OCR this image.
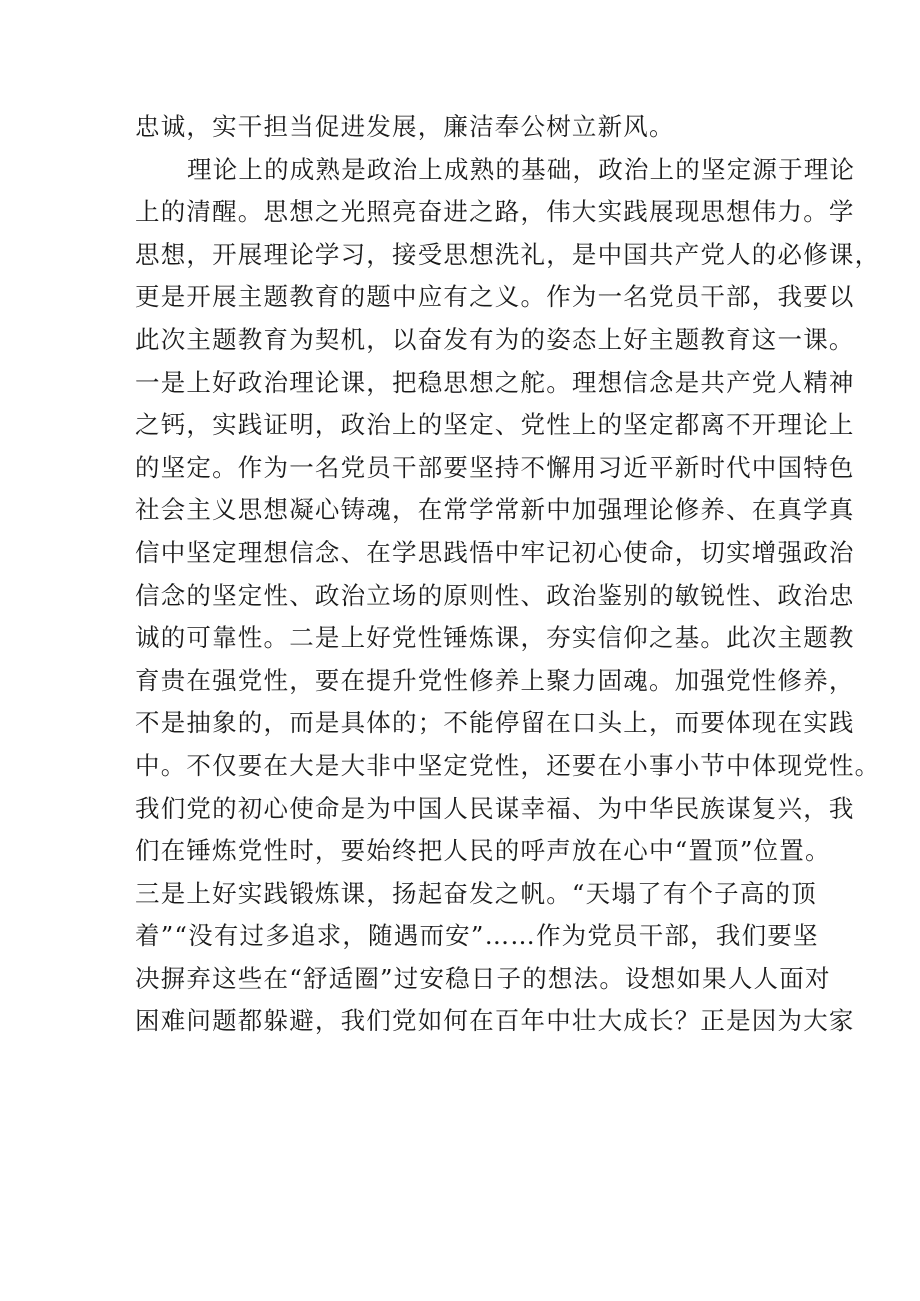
忠诚，实干担当促进发展，廉洁奉公树立新风。
理论上的成熟是政治上成熟的基础，政治上的坚定源于理论
上的清醒。思想之光照亮奋进之路，伟大实践展现思想伟力。学
思想，开展理论学习，接受思想洗礼，是中国共产党人的必修课，
更是开展主题教育的题中应有之义。作为一名党员干部，我要以
此次主题教育为契机，以奋发有为的姿态上好主题教育这一课。
一是上好政治理论课，把稳思想之舵。理想信念是共产党人精神
之钙，实践证明，政治上的坚定、党性上的坚定都离不开理论上
的坚定。作为一名党员干部要坚持不懈用习近平新时代中国特色
社会主义思想凝心铸魂，在常学常新中加强理论修养、在真学真
信中坚定理想信念、在学思践悟中牢记初心使命，切实增强政治
信念的坚定性、政治立场的原则性、政治鉴别的敏锐性、政治忠
诚的可靠性。二是上好党性锤炼课，夯实信仰之基。此次主题教
育贵在强党性，要在提升党性修养上聚力固魂。加强党性修养，
不是抽象的，而是具体的；不能停留在口头上，而要体现在实践
中。不仅要在大是大非中坚定党性，还要在小事小节中体现党性。
我们党的初心使命是为中国人民谋幸福、为中华民族谋复兴，我
们在锤炼党性时，要始终把人民的呼声放在心中“置顶”位置。
三是上好实践锻炼课，扬起奋发之帆。“天塌了有个子高的顶
着”“没有过多追求，随遇而安”……作为党员干部，我们要坚
决摒弃这些在“舒适圈”过安稳日子的想法。设想如果人人面对
困难问题都躲避，我们党如何在百年中壮大成长？正是因为大家
